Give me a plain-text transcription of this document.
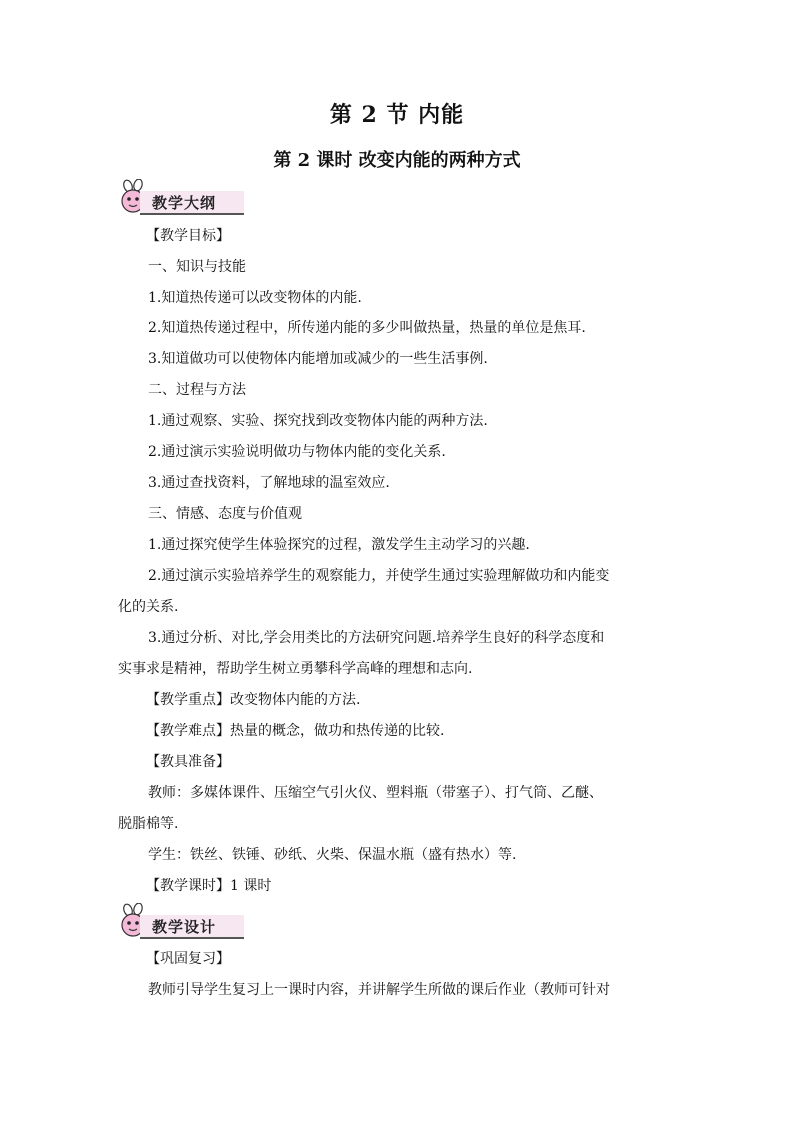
第 2 节 内能
第 2 课时 改变内能的两种方式
教学大纲
【教学目标】
一、知识与技能
1.知道热传递可以改变物体的内能.
2.知道热传递过程中，所传递内能的多少叫做热量，热量的单位是焦耳.
3.知道做功可以使物体内能增加或减少的一些生活事例.
二、过程与方法
1.通过观察、实验、探究找到改变物体内能的两种方法.
2.通过演示实验说明做功与物体内能的变化关系.
3.通过查找资料，了解地球的温室效应.
三、情感、态度与价值观
1.通过探究使学生体验探究的过程，激发学生主动学习的兴趣.
2.通过演示实验培养学生的观察能力，并使学生通过实验理解做功和内能变
化的关系.
3.通过分析、对比,学会用类比的方法研究问题.培养学生良好的科学态度和
实事求是精神，帮助学生树立勇攀科学高峰的理想和志向.
【教学重点】改变物体内能的方法.
【教学难点】热量的概念，做功和热传递的比较.
【教具准备】
教师：多媒体课件、压缩空气引火仪、塑料瓶（带塞子）、打气筒、乙醚、
脱脂棉等.
学生：铁丝、铁锤、砂纸、火柴、保温水瓶（盛有热水）等.
【教学课时】1 课时
教学设计
【巩固复习】
教师引导学生复习上一课时内容，并讲解学生所做的课后作业（教师可针对
